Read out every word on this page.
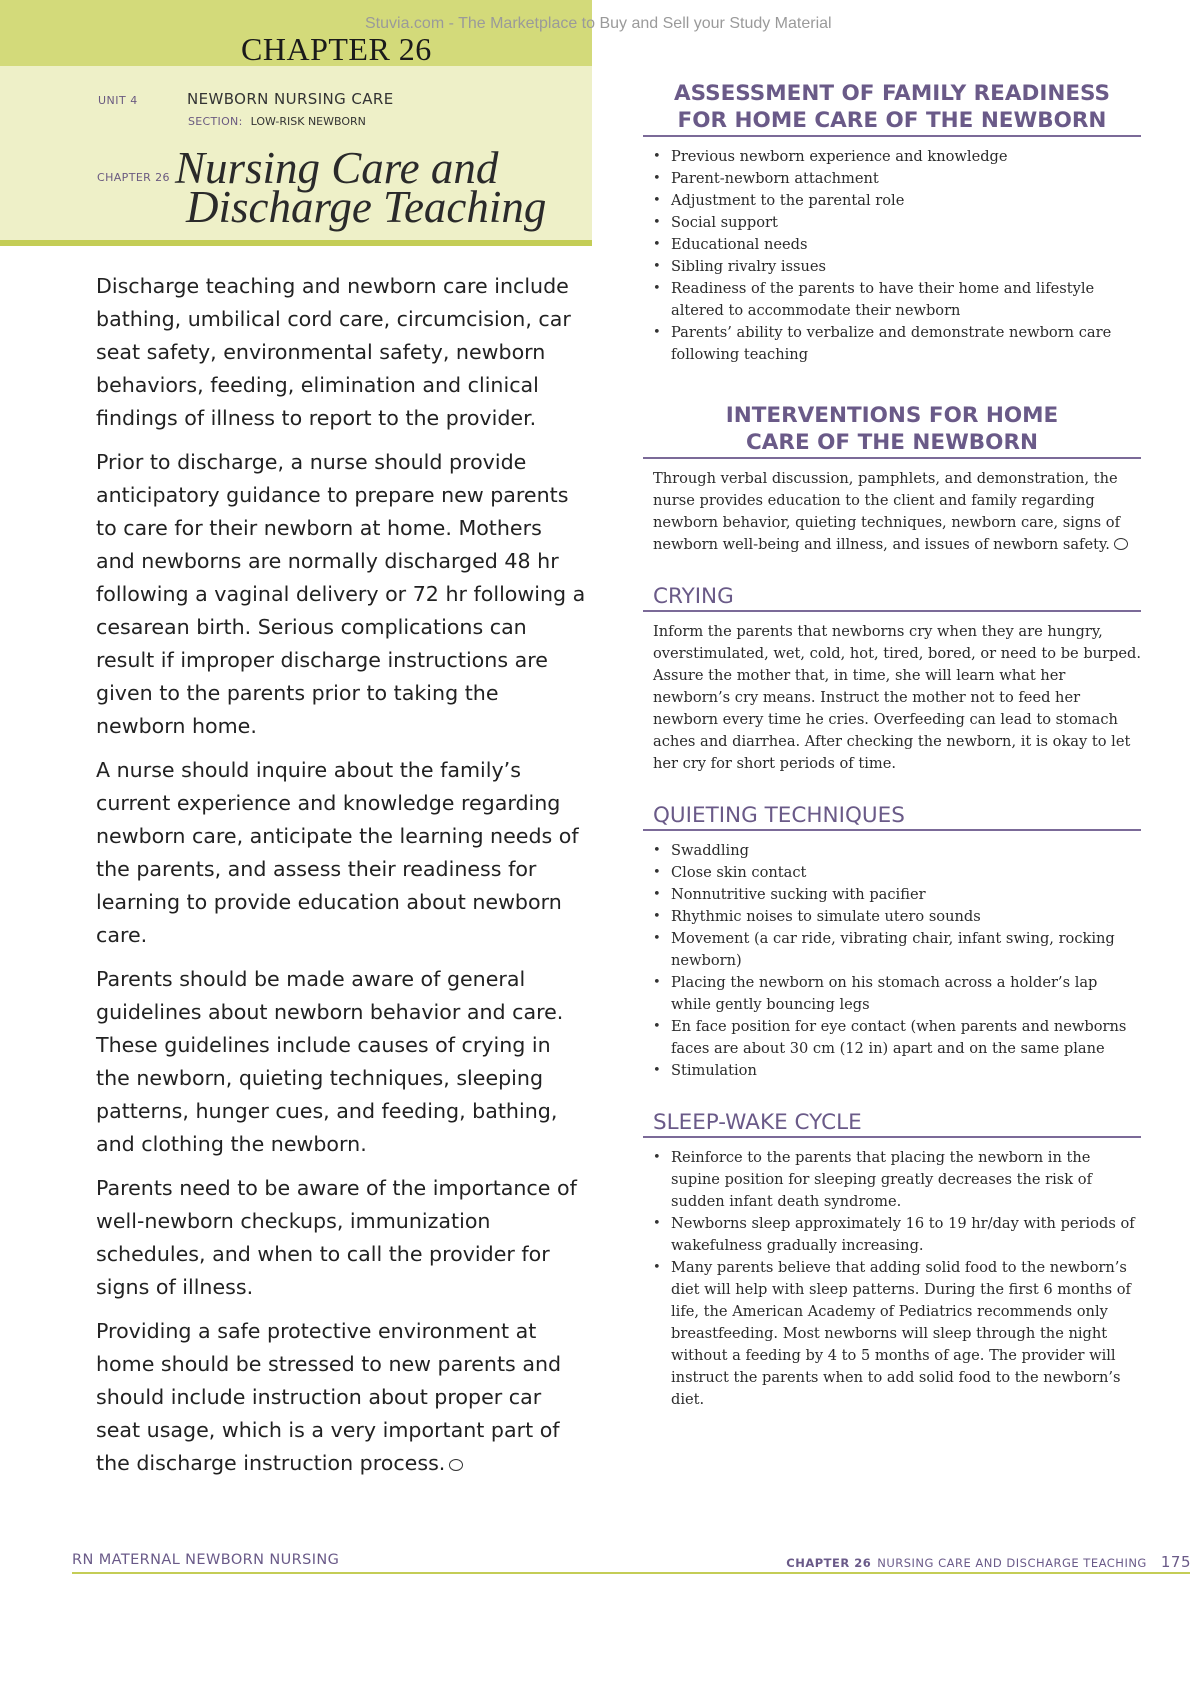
Stuvia.com - The Marketplace to Buy and Sell your Study Material
CHAPTER 26
UNIT 4	NEWBORN NURSING CARE
SECTION: LOW-RISK NEWBORN
CHAPTER 26 Nursing Care and
Discharge Teaching

Discharge teaching and newborn care include bathing, umbilical cord care, circumcision, car seat safety, environmental safety, newborn behaviors, feeding, elimination and clinical findings of illness to report to the provider.

Prior to discharge, a nurse should provide anticipatory guidance to prepare new parents to care for their newborn at home. Mothers and newborns are normally discharged 48 hr following a vaginal delivery or 72 hr following a cesarean birth. Serious complications can result if improper discharge instructions are given to the parents prior to taking the newborn home.

A nurse should inquire about the family’s current experience and knowledge regarding newborn care, anticipate the learning needs of the parents, and assess their readiness for learning to provide education about newborn care.

Parents should be made aware of general guidelines about newborn behavior and care. These guidelines include causes of crying in the newborn, quieting techniques, sleeping patterns, hunger cues, and feeding, bathing, and clothing the newborn.

Parents need to be aware of the importance of well-newborn checkups, immunization schedules, and when to call the provider for signs of illness.

Providing a safe protective environment at home should be stressed to new parents and should include instruction about proper car seat usage, which is a very important part of the discharge instruction process.

ASSESSMENT OF FAMILY READINESS
FOR HOME CARE OF THE NEWBORN
• Previous newborn experience and knowledge
• Parent-newborn attachment
• Adjustment to the parental role
• Social support
• Educational needs
• Sibling rivalry issues
• Readiness of the parents to have their home and lifestyle altered to accommodate their newborn
• Parents’ ability to verbalize and demonstrate newborn care following teaching
INTERVENTIONS FOR HOME
CARE OF THE NEWBORN
Through verbal discussion, pamphlets, and demonstration, the nurse provides education to the client and family regarding newborn behavior, quieting techniques, newborn care, signs of newborn well-being and illness, and issues of newborn safety.
CRYING
Inform the parents that newborns cry when they are hungry, overstimulated, wet, cold, hot, tired, bored, or need to be burped. Assure the mother that, in time, she will learn what her newborn’s cry means. Instruct the mother not to feed her newborn every time he cries. Overfeeding can lead to stomach aches and diarrhea. After checking the newborn, it is okay to let her cry for short periods of time.
QUIETING TECHNIQUES
• Swaddling
• Close skin contact
• Nonnutritive sucking with pacifier
• Rhythmic noises to simulate utero sounds
• Movement (a car ride, vibrating chair, infant swing, rocking newborn)
• Placing the newborn on his stomach across a holder’s lap while gently bouncing legs
• En face position for eye contact (when parents and newborns faces are about 30 cm (12 in) apart and on the same plane
• Stimulation
SLEEP-WAKE CYCLE
• Reinforce to the parents that placing the newborn in the supine position for sleeping greatly decreases the risk of sudden infant death syndrome.
• Newborns sleep approximately 16 to 19 hr/day with periods of wakefulness gradually increasing.
• Many parents believe that adding solid food to the newborn’s diet will help with sleep patterns. During the first 6 months of life, the American Academy of Pediatrics recommends only breastfeeding. Most newborns will sleep through the night without a feeding by 4 to 5 months of age. The provider will instruct the parents when to add solid food to the newborn’s diet.
RN MATERNAL NEWBORN NURSING	CHAPTER 26 NURSING CARE AND DISCHARGE TEACHING 175
